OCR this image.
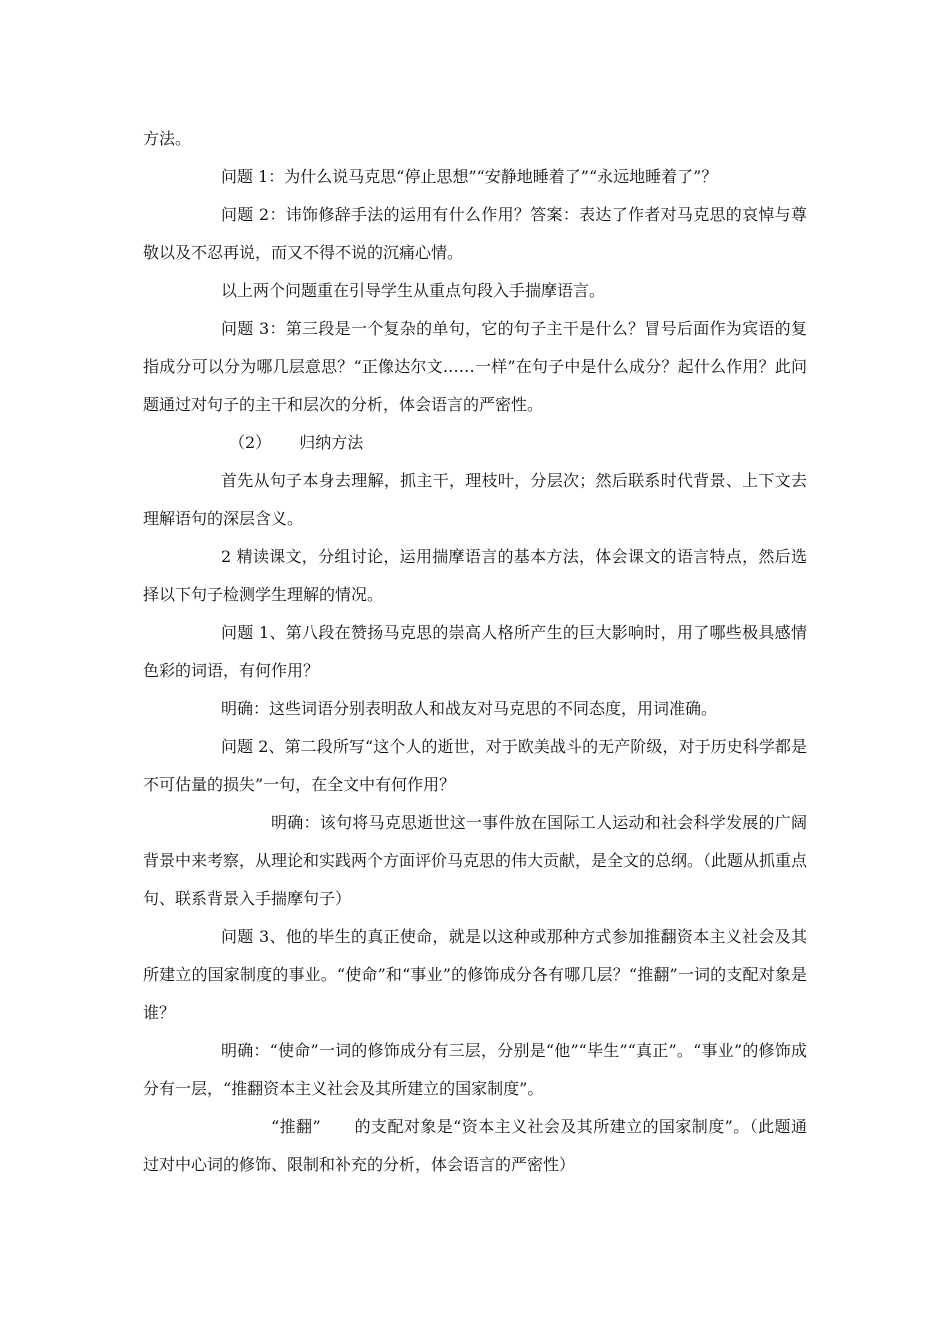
方法。

问题 1：为什么说马克思“停止思想”“安静地睡着了”“永远地睡着了”？

问题 2：讳饰修辞手法的运用有什么作用？答案：表达了作者对马克思的哀悼与尊敬以及不忍再说，而又不得不说的沉痛心情。

以上两个问题重在引导学生从重点句段入手揣摩语言。

问题 3：第三段是一个复杂的单句，它的句子主干是什么？冒号后面作为宾语的复指成分可以分为哪几层意思？“正像达尔文……一样”在句子中是什么成分？起什么作用？此问题通过对句子的主干和层次的分析，体会语言的严密性。

（2） 归纳方法

首先从句子本身去理解，抓主干，理枝叶，分层次；然后联系时代背景、上下文去理解语句的深层含义。

2 精读课文，分组讨论，运用揣摩语言的基本方法，体会课文的语言特点，然后选择以下句子检测学生理解的情况。

问题 1、第八段在赞扬马克思的崇高人格所产生的巨大影响时，用了哪些极具感情色彩的词语，有何作用？

明确：这些词语分别表明敌人和战友对马克思的不同态度，用词准确。

问题 2、第二段所写“这个人的逝世，对于欧美战斗的无产阶级，对于历史科学都是不可估量的损失”一句，在全文中有何作用？

明确：该句将马克思逝世这一事件放在国际工人运动和社会科学发展的广阔背景中来考察，从理论和实践两个方面评价马克思的伟大贡献，是全文的总纲。（此题从抓重点句、联系背景入手揣摩句子）

问题 3、他的毕生的真正使命，就是以这种或那种方式参加推翻资本主义社会及其所建立的国家制度的事业。“使命”和“事业”的修饰成分各有哪几层？“推翻”一词的支配对象是谁？

明确：“使命”一词的修饰成分有三层，分别是“他”“毕生”“真正”。“事业”的修饰成分有一层，“推翻资本主义社会及其所建立的国家制度”。

“推翻” 的支配对象是“资本主义社会及其所建立的国家制度”。（此题通过对中心词的修饰、限制和补充的分析，体会语言的严密性）
